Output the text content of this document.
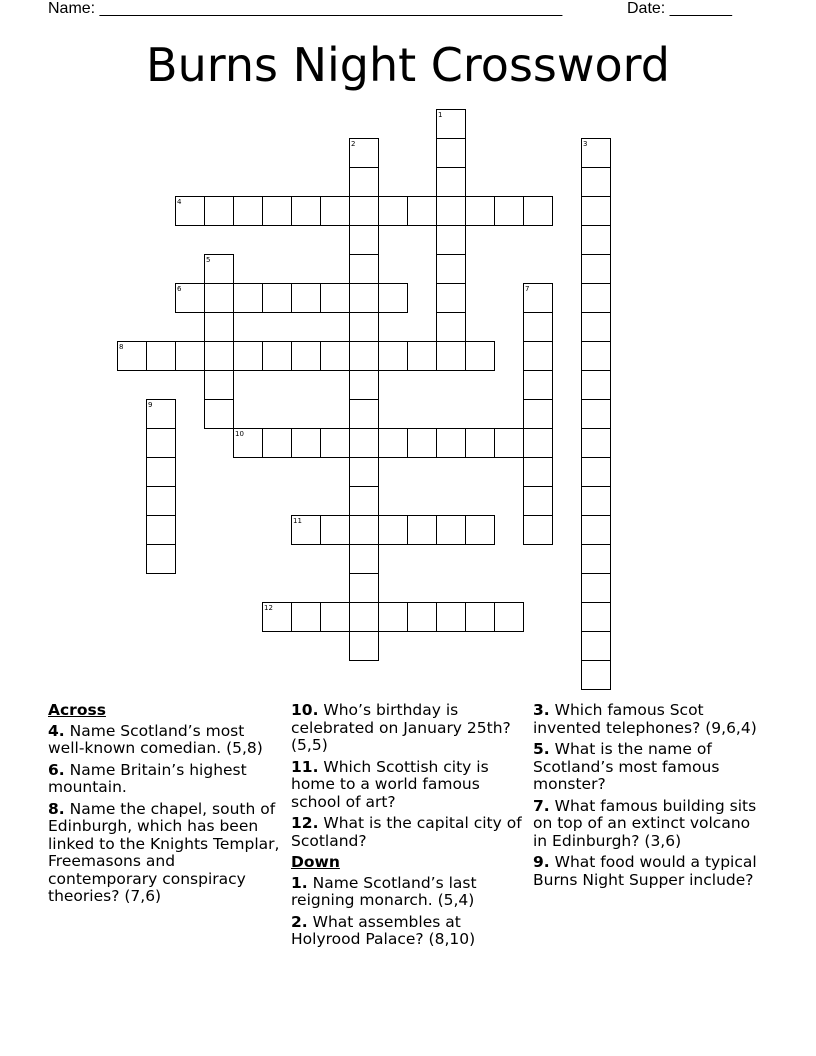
Name: ____________________________________________________	Date: _______
Burns Night Crossword
1
2	3
4
5
6	7
8
9
10
11
12
Across
4. Name Scotland’s most well-known comedian. (5,8)
6. Name Britain’s highest mountain.
8. Name the chapel, south of Edinburgh, which has been linked to the Knights Templar, Freemasons and contemporary conspiracy theories? (7,6)
10. Who’s birthday is celebrated on January 25th? (5,5)
11. Which Scottish city is home to a world famous school of art?
12. What is the capital city of Scotland?
Down
1. Name Scotland’s last reigning monarch. (5,4)
2. What assembles at Holyrood Palace? (8,10)
3. Which famous Scot invented telephones? (9,6,4)
5. What is the name of Scotland’s most famous monster?
7. What famous building sits on top of an extinct volcano in Edinburgh? (3,6)
9. What food would a typical Burns Night Supper include?
